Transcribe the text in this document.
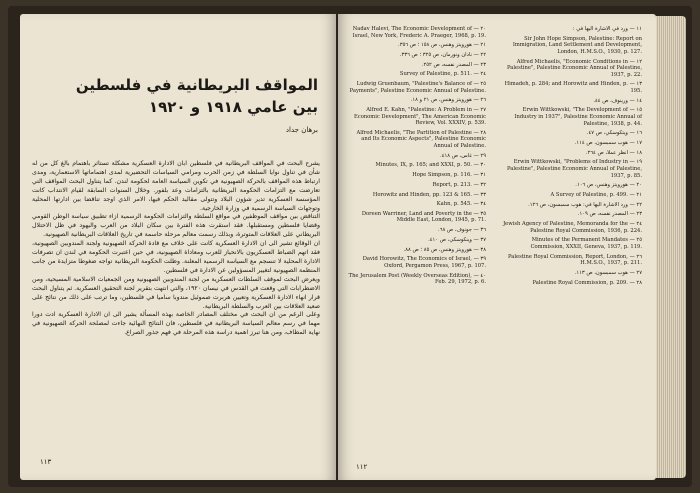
المواقف البريطانية في فلسطين
بين عامي ١٩١٨ و ١٩٢٠
برهان جداد

يشرح البحث في المواقف البريطانية في فلسطين ابان الادارة العسكرية مشكلة تستأثر باهتمام بالغ كل من له شأن في تناول نوايا السلطة في زمن الحرب ومرامي السياسات التحضيرية لمدى اهتماماتها الاستعمارية، ومدى ارتباط هذه المواقف بالحركة الصهيونية في تكوين السياسة العامة لحكومة لندن. كما يتناول البحث المواقف التي تعارضت مع التزامات الحكومة البريطانية بالتزامات وعد بلفور. وخلال السنوات السابقة لقيام الانتداب كانت المؤسسة العسكرية تدير شؤون البلاد وتتولى مقاليد الحكم فيها، الامر الذي اوجد تناقضا بين ادارتها المحلية وتوجهات السياسة الرسمية في وزارة الخارجية.

التناقض بين مواقف الموظفين في مواقع السلطة والتزامات الحكومة الرسمية ازاء تطبيق سياسة الوطن القومي وقضايا فلسطين ومستقبلها. فقد استقرت هذه الفترة بين سكان البلاد من العرب واليهود في ظل الاحتلال البريطاني على العلاقات المتوترة، وبذلك رسمت معالم مرحلة حاسمة في تاريخ العلاقات البريطانية الصهيونية.

ان الوقائع تشير الى ان الادارة العسكرية كانت على خلاف مع قادة الحركة الصهيونية ولجنة المندوبين الصهيونية، فقد اتهم الضباط العسكريون بالانحياز للعرب ومعاداة الصهيونية، في حين اعتبرت الحكومة في لندن ان تصرفات الادارة المحلية لا تنسجم مع السياسة الرسمية المعلنة. وظلت الحكومة البريطانية تواجه ضغوطا متزايدة من جانب المنظمة الصهيونية لتغيير المسؤولين عن الادارة في فلسطين.

ويعرض البحث لموقف السلطات العسكرية من لجنة المندوبين الصهيونية ومن الجمعيات الاسلامية المسيحية، ومن الاضطرابات التي وقعت في القدس في نيسان ١٩٢٠، والتي انتهت بتقرير لجنة التحقيق العسكرية. ثم يتناول البحث قرار انهاء الادارة العسكرية وتعيين هربرت صموئيل مندوبا ساميا في فلسطين، وما ترتب على ذلك من نتائج على صعيد العلاقات بين العرب والسلطة البريطانية.

وعلى الرغم من ان البحث في مختلف المصادر الخاصة بهذه المسألة يشير الى ان الادارة العسكرية ادت دورا مهما في رسم معالم السياسة البريطانية في فلسطين، فان النتائج النهائية جاءت لمصلحة الحركة الصهيونية في نهاية المطاف، ومن هنا تبرز اهمية دراسة هذه المرحلة في فهم جذور الصراع.

١١٣

٢٠ — Nadav Halevi, The Economic Development of Israel, New York, Frederic A. Praeger, 1968, p. 19.

٢١ — هورويتز وهنس، ص ١٥٨ ؛ ص ٣٥٦.

٢٢ — نادان ونورمان، ص ٣٢٥ ؛ ص ٣٣٦.

٢٣ — المصدر نفسه، ص ٢٥٢.

٢٤ — Survey of Palestine, p. 511.

٢٥ — Ludwig Gruenbaum, "Palestine's Balance of Payments", Palestine Economic Annual of Palestine.

٢٦ — هورويتز وهنس، ص ٢١ و ١٨.

٢٧ — Alfred E. Kahn, "Palestine: A Problem in Economic Development", The American Economic Review, Vol. XXXIV, p. 539.

٢٨ — Alfred Michaelis, "The Partition of Palestine and Its Economic Aspects", Palestine Economic Annual of Palestine.

٢٩ — غاس، ص ٤١٨.

٣٠ — Minutes, IX, p. 165; and XXXI, p. 50.

٣١ — Hope Simpson, p. 116.

٣٢ — Report, p. 213.

٣٣ — Horowitz and Hinden, pp. 123 & 165.

٣٤ — Kahn, p. 545.

٣٥ — Doreen Warriner, Land and Poverty in the Middle East, London, 1945, p. 71.

٣٦ — جونوف، ص ٦٨.

٣٧ — وينكوسكي، ص ٤١٠.

٣٨ — هورويتز وهنس، ص ٨٥ ؛ ص ٨٨.

٣٩ — David Horowitz, The Economics of Israel, Oxford, Pergamon Press, 1967, p. 107.

٤٠ — The Jerusalem Post (Weekly Overseas Edition), Feb. 29, 1972, p. 6.

١١ — ورد في الاشارة اليها في :

Sir John Hope Simpson, Palestine: Report on Immigration, Land Settlement and Development, London, H.M.S.O., 1930, p. 127.

١٢ — Alfred Michaelis, "Economic Conditions in Palestine", Palestine Economic Annual of Palestine, 1937, p. 22.

١٣ — Himadeh, p. 284; and Horowitz and Hinden, p. 195.

١٤ — ورينوف، ص ٤٤.

١٥ — Erwin Wittkowski, "The Development of Industry in 1937", Palestine Economic Annual of Palestine, 1938, p. 44.

١٦ — ويتكوسكي، ص ٤٧.

١٧ — هوب سمبسون، ص ١١٤.

١٨ — انظر عملا، ص ٢٦٤.

١٩ — Erwin Wittkowski, "Problems of Industry in Palestine", Palestine Economic Annual of Palestine, 1937, p. 85.

٢٠ — هورويتز وهنس، ص ١٠٦.

٢١ — A Survey of Palestine, p. 499.

٢٢ — ورد الاشارة اليها في: هوب سمبسون، ص ١٢٦.

٢٣ — المصدر نفسه، ص ١٠٩.

٢٤ — Jewish Agency of Palestine, Memoranda for the Palestine Royal Commission, 1936, p. 224.

٢٥ — Minutes of the Permanent Mandates Commission, XXXII, Geneva, 1937, p. 119.

٢٦ — Palestine Royal Commission, Report, London, H.M.S.O., 1937, p. 211.

٢٧ — هوب سمبسون، ص ١١٣.

٢٨ — Palestine Royal Commission, p. 209.

١١٢
